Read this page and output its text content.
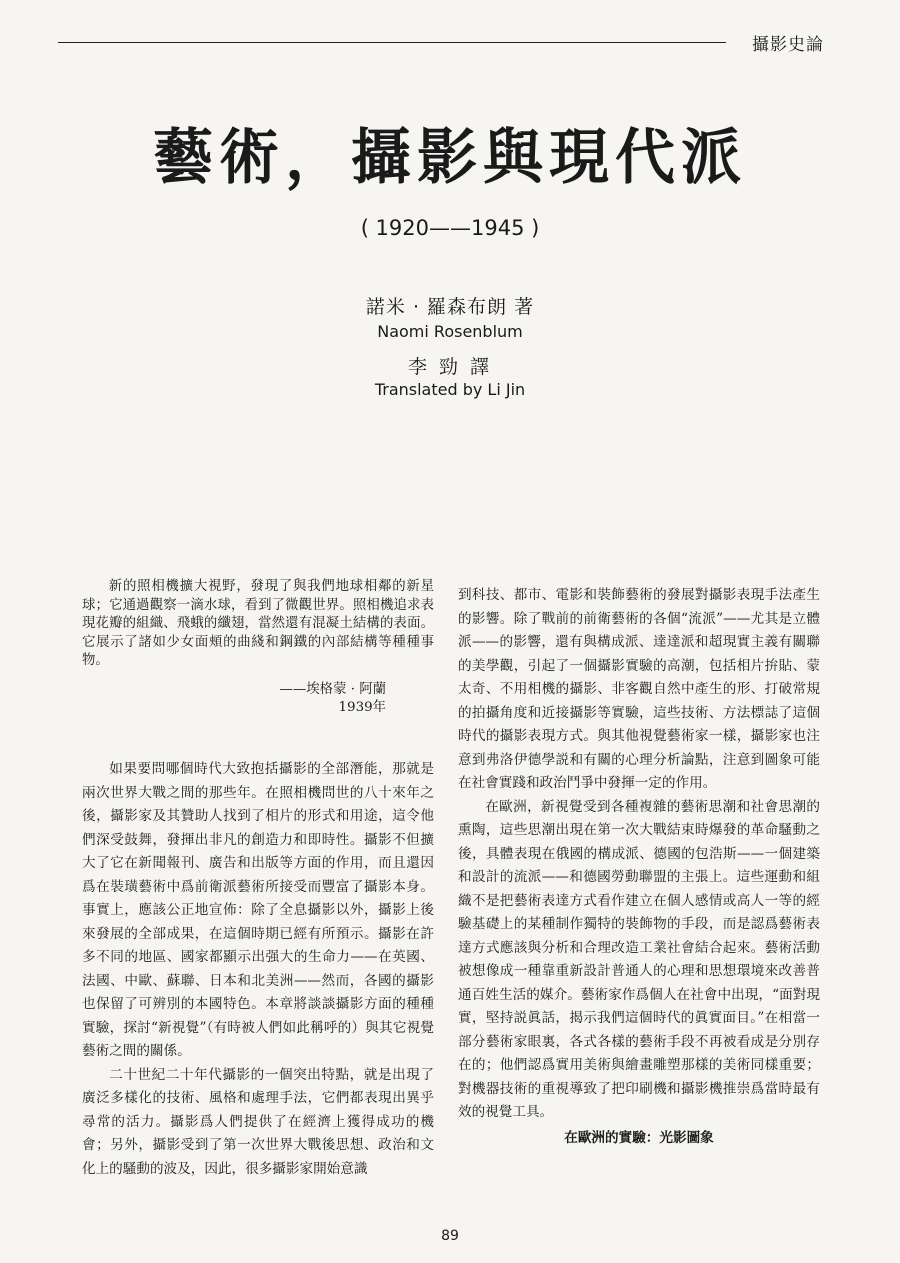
攝影史論
藝術，攝影與現代派
( 1920——1945 )
諾米 · 羅森布朗 著
Naomi Rosenblum
李 勁 譯
Translated by Li Jin

新的照相機擴大視野，發現了與我們地球相鄰的新星球；它通過觀察一滴水球，看到了微觀世界。照相機追求表現花瓣的組織、飛蛾的纖翅，當然還有混凝土結構的表面。它展示了諸如少女面頰的曲綫和鋼鐵的內部結構等種種事物。

——埃格蒙 · 阿蘭
1939年

如果要問哪個時代大致抱括攝影的全部潛能，那就是兩次世界大戰之間的那些年。在照相機問世的八十來年之後，攝影家及其贊助人找到了相片的形式和用途，這令他們深受鼓舞，發揮出非凡的創造力和即時性。攝影不但擴大了它在新聞報刊、廣告和出版等方面的作用，而且還因爲在裝璜藝術中爲前衛派藝術所接受而豐富了攝影本身。事實上，應該公正地宣佈：除了全息攝影以外，攝影上後來發展的全部成果，在這個時期已經有所預示。攝影在許多不同的地區、國家都顯示出强大的生命力——在英國、法國、中歐、蘇聯、日本和北美洲——然而，各國的攝影也保留了可辨別的本國特色。本章將談談攝影方面的種種實驗，探討“新視覺”（有時被人們如此稱呼的）與其它視覺藝術之間的關係。

二十世紀二十年代攝影的一個突出特點，就是出現了廣泛多樣化的技術、風格和處理手法，它們都表現出異乎尋常的活力。攝影爲人們提供了在經濟上獲得成功的機會；另外，攝影受到了第一次世界大戰後思想、政治和文化上的騷動的波及，因此，很多攝影家開始意識

到科技、都市、電影和裝飾藝術的發展對攝影表現手法產生的影響。除了戰前的前衛藝術的各個“流派”——尤其是立體派——的影響，還有與構成派、達達派和超現實主義有關聯的美學觀，引起了一個攝影實驗的高潮，包括相片拚貼、蒙太奇、不用相機的攝影、非客觀自然中產生的形、打破常規的拍攝角度和近接攝影等實驗，這些技術、方法標誌了這個時代的攝影表現方式。與其他視覺藝術家一樣，攝影家也注意到弗洛伊德學説和有關的心理分析論點，注意到圖象可能在社會實踐和政治鬥爭中發揮一定的作用。

在歐洲，新視覺受到各種複雜的藝術思潮和社會思潮的熏陶，這些思潮出現在第一次大戰結束時爆發的革命騷動之後，具體表現在俄國的構成派、德國的包浩斯——一個建築和設計的流派——和德國勞動聯盟的主張上。這些運動和組織不是把藝術表達方式看作建立在個人感情或高人一等的經驗基礎上的某種制作獨特的裝飾物的手段，而是認爲藝術表達方式應該與分析和合理改造工業社會結合起來。藝術活動被想像成一種靠重新設計普通人的心理和思想環境來改善普通百姓生活的媒介。藝術家作爲個人在社會中出現，“面對現實，堅持説眞話，揭示我們這個時代的眞實面目。”在相當一部分藝術家眼裏，各式各樣的藝術手段不再被看成是分別存在的；他們認爲實用美術與繪畫雕塑那樣的美術同樣重要；對機器技術的重視導致了把印刷機和攝影機推崇爲當時最有效的視覺工具。

在歐洲的實驗：光影圖象
89
